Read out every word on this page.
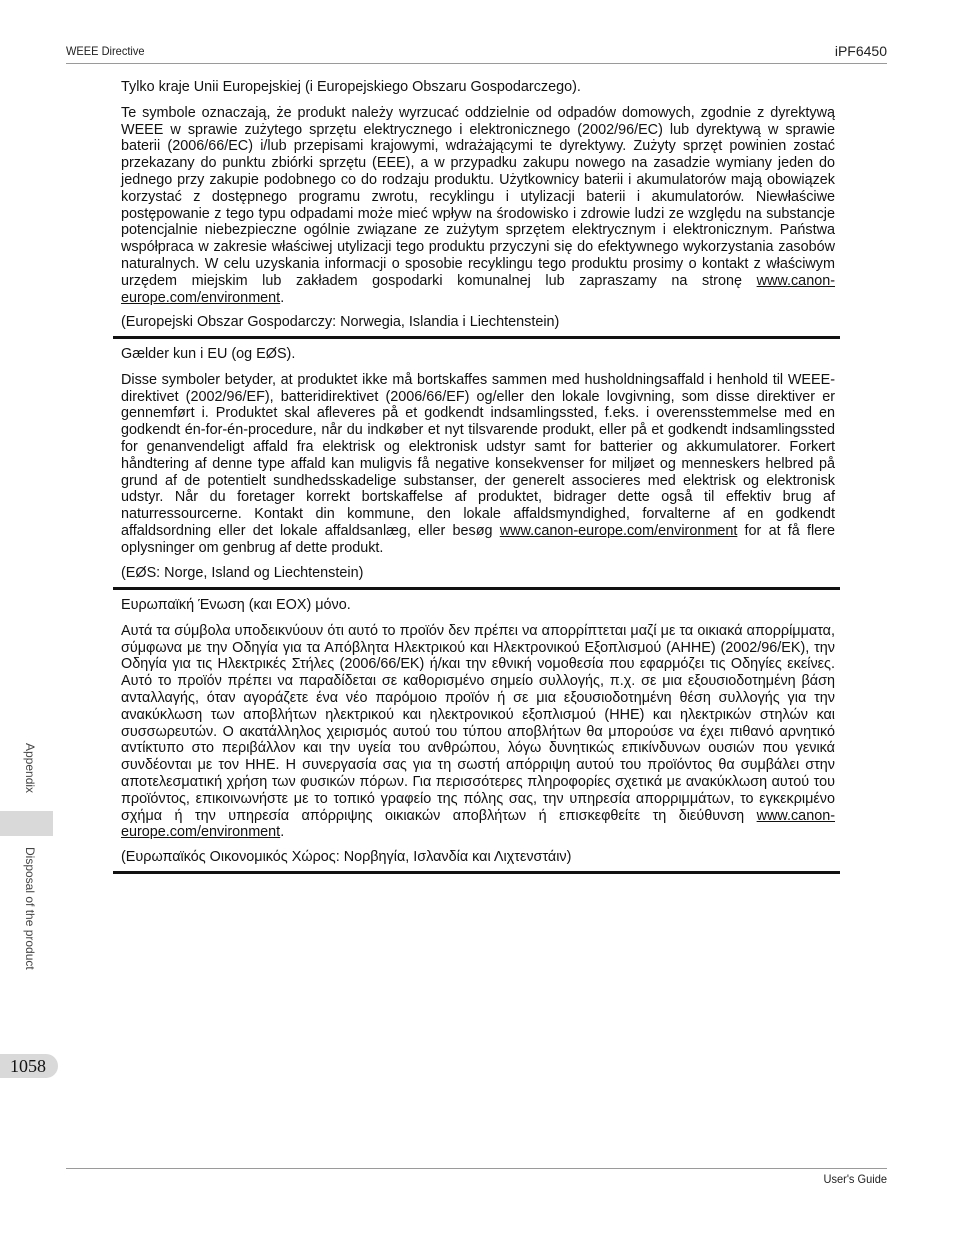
WEEE Directive	iPF6450

Tylko kraje Unii Europejskiej (i Europejskiego Obszaru Gospodarczego).

Te symbole oznaczają, że produkt należy wyrzucać oddzielnie od odpadów domowych, zgodnie z dyrektywą WEEE w sprawie zużytego sprzętu elektrycznego i elektronicznego (2002/96/EC) lub dyrektywą w sprawie baterii (2006/66/EC) i/lub przepisami krajowymi, wdrażającymi te dyrektywy. Zużyty sprzęt powinien zostać przekazany do punktu zbiórki sprzętu (EEE), a w przypadku zakupu nowego na zasadzie wymiany jeden do jednego przy zakupie podobnego co do rodzaju produktu. Użytkownicy baterii i akumulatorów mają obowiązek korzystać z dostępnego programu zwrotu, recyklingu i utylizacji baterii i akumulatorów. Niewłaściwe postępowanie z tego typu odpadami może mieć wpływ na środowisko i zdrowie ludzi ze względu na substancje potencjalnie niebezpieczne ogólnie związane ze zużytym sprzętem elektrycznym i elektronicznym. Państwa współpraca w zakresie właściwej utylizacji tego produktu przyczyni się do efektywnego wykorzystania zasobów naturalnych. W celu uzyskania informacji o sposobie recyklingu tego produktu prosimy o kontakt z właściwym urzędem miejskim lub zakładem gospodarki komunalnej lub zapraszamy na stronę www.canon-europe.com/environment.

(Europejski Obszar Gospodarczy: Norwegia, Islandia i Liechtenstein)

Gælder kun i EU (og EØS).

Disse symboler betyder, at produktet ikke må bortskaffes sammen med husholdningsaffald i henhold til WEEE-direktivet (2002/96/EF), batteridirektivet (2006/66/EF) og/eller den lokale lovgivning, som disse direktiver er gennemført i. Produktet skal afleveres på et godkendt indsamlingssted, f.eks. i overensstemmelse med en godkendt én-for-én-procedure, når du indkøber et nyt tilsvarende produkt, eller på et godkendt indsamlingssted for genanvendeligt affald fra elektrisk og elektronisk udstyr samt for batterier og akkumulatorer. Forkert håndtering af denne type affald kan muligvis få negative konsekvenser for miljøet og menneskers helbred på grund af de potentielt sundhedsskadelige substanser, der generelt associeres med elektrisk og elektronisk udstyr. Når du foretager korrekt bortskaffelse af produktet, bidrager dette også til effektiv brug af naturressourcerne. Kontakt din kommune, den lokale affaldsmyndighed, forvalterne af en godkendt affaldsordning eller det lokale affaldsanlæg, eller besøg www.canon-europe.com/environment for at få flere oplysninger om genbrug af dette produkt.

(EØS: Norge, Island og Liechtenstein)

Ευρωπαϊκή Ένωση (και ΕΟΧ) μόνο.

Αυτά τα σύμβολα υποδεικνύουν ότι αυτό το προϊόν δεν πρέπει να απορρίπτεται μαζί με τα οικιακά απορρίμματα, σύμφωνα με την Οδηγία για τα Απόβλητα Ηλεκτρικού και Ηλεκτρονικού Εξοπλισμού (ΑΗΗΕ) (2002/96/ΕΚ), την Οδηγία για τις Ηλεκτρικές Στήλες (2006/66/ΕΚ) ή/και την εθνική νομοθεσία που εφαρμόζει τις Οδηγίες εκείνες. Αυτό το προϊόν πρέπει να παραδίδεται σε καθορισμένο σημείο συλλογής, π.χ. σε μια εξουσιοδοτημένη βάση ανταλλαγής, όταν αγοράζετε ένα νέο παρόμοιο προϊόν ή σε μια εξουσιοδοτημένη θέση συλλογής για την ανακύκλωση των αποβλήτων ηλεκτρικού και ηλεκτρονικού εξοπλισμού (ΗΗΕ) και ηλεκτρικών στηλών και συσσωρευτών. Ο ακατάλληλος χειρισμός αυτού του τύπου αποβλήτων θα μπορούσε να έχει πιθανό αρνητικό αντίκτυπο στο περιβάλλον και την υγεία του ανθρώπου, λόγω δυνητικώς επικίνδυνων ουσιών που γενικά συνδέονται με τον ΗΗΕ. Η συνεργασία σας για τη σωστή απόρριψη αυτού του προϊόντος θα συμβάλει στην αποτελεσματική χρήση των φυσικών πόρων. Για περισσότερες πληροφορίες σχετικά με ανακύκλωση αυτού του προϊόντος, επικοινωνήστε με το τοπικό γραφείο της πόλης σας, την υπηρεσία απορριμμάτων, το εγκεκριμένο σχήμα ή την υπηρεσία απόρριψης οικιακών αποβλήτων ή επισκεφθείτε τη διεύθυνση www.canon-europe.com/environment.

(Ευρωπαϊκός Οικονομικός Χώρος: Νορβηγία, Ισλανδία και Λιχτενστάιν)

Appendix
Disposal of the product
1058
User's Guide
